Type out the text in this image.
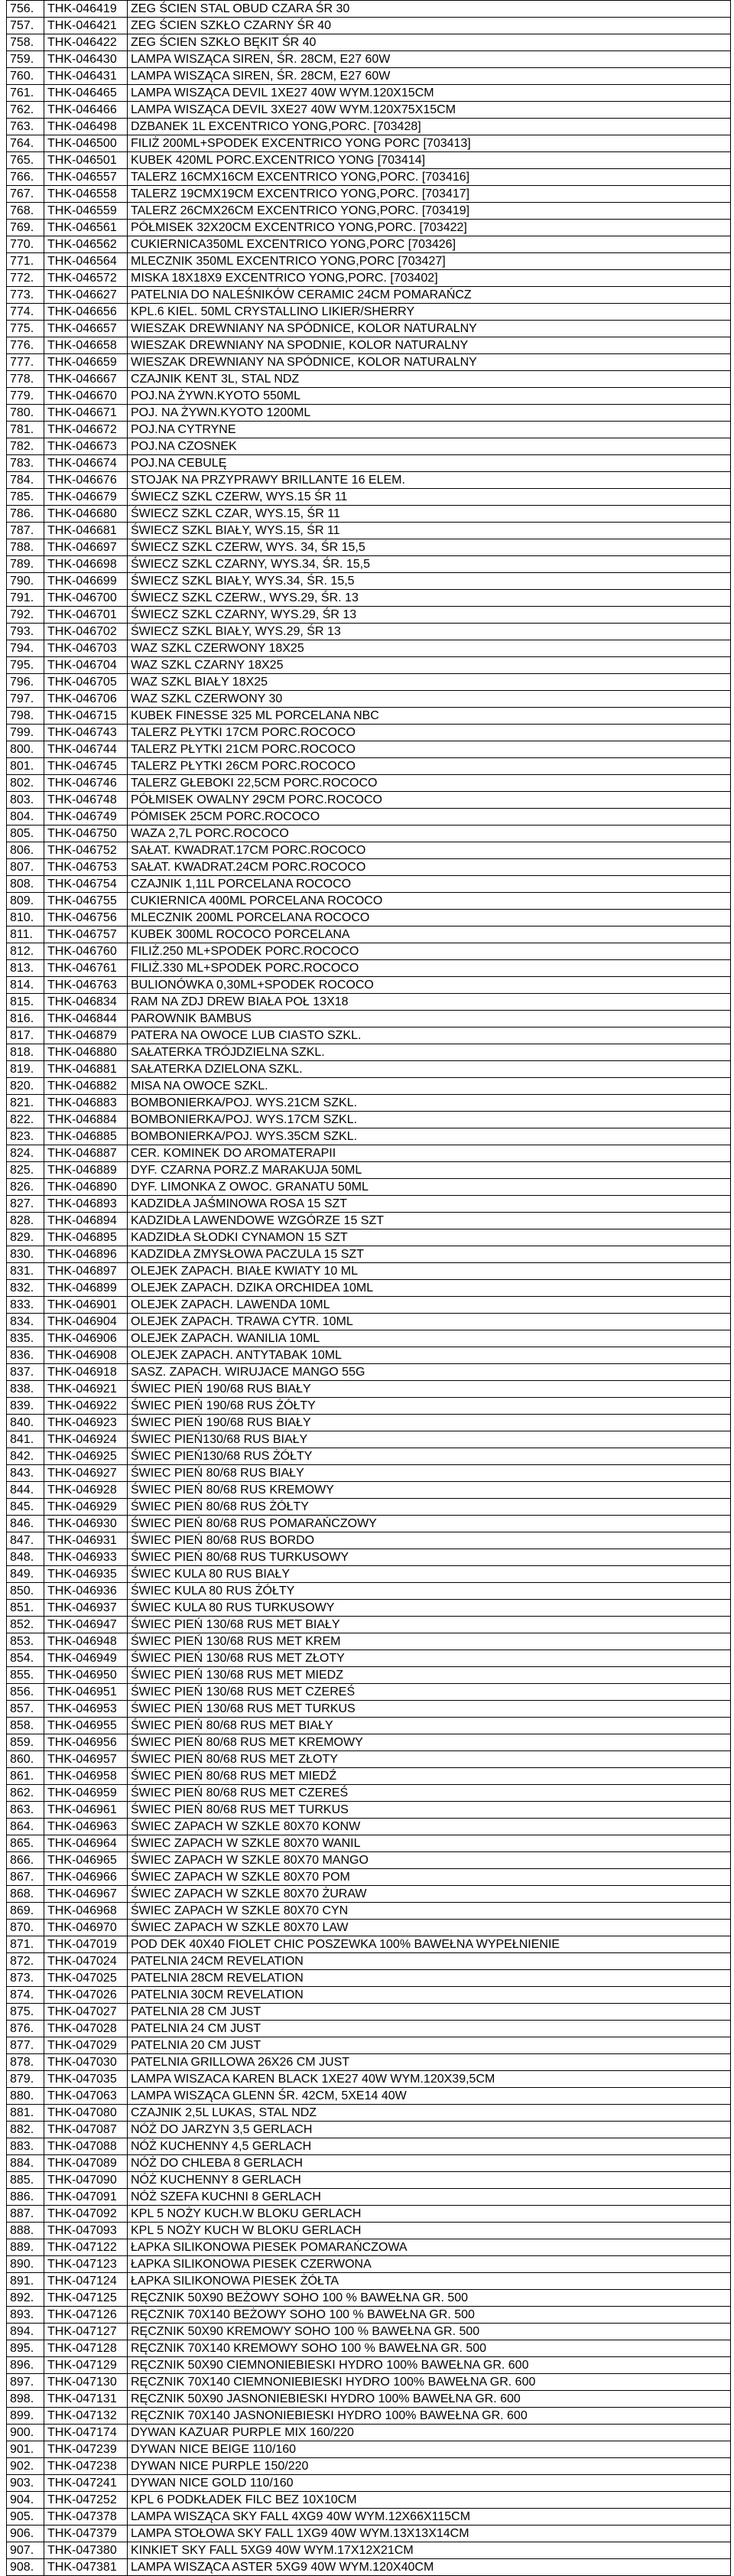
756.	THK-046419	ZEG ŚCIEN STAL OBUD CZARA ŚR 30
757.	THK-046421	ZEG ŚCIEN SZKŁO CZARNY ŚR 40
758.	THK-046422	ZEG ŚCIEN SZKŁO BĘKIT ŚR 40
759.	THK-046430	LAMPA WISZĄCA SIREN, ŚR. 28CM, E27 60W
760.	THK-046431	LAMPA WISZĄCA SIREN, ŚR. 28CM, E27 60W
761.	THK-046465	LAMPA WISZĄCA DEVIL 1XE27 40W WYM.120X15CM
762.	THK-046466	LAMPA WISZĄCA DEVIL 3XE27 40W WYM.120X75X15CM
763.	THK-046498	DZBANEK 1L EXCENTRICO YONG,PORC. [703428]
764.	THK-046500	FILIŻ 200ML+SPODEK EXCENTRICO YONG PORC [703413]
765.	THK-046501	KUBEK 420ML PORC.EXCENTRICO YONG [703414]
766.	THK-046557	TALERZ 16CMX16CM EXCENTRICO YONG,PORC. [703416]
767.	THK-046558	TALERZ 19CMX19CM EXCENTRICO YONG,PORC. [703417]
768.	THK-046559	TALERZ 26CMX26CM EXCENTRICO YONG,PORC. [703419]
769.	THK-046561	PÓŁMISEK 32X20CM EXCENTRICO YONG,PORC. [703422]
770.	THK-046562	CUKIERNICA350ML EXCENTRICO YONG,PORC [703426]
771.	THK-046564	MLECZNIK 350ML EXCENTRICO YONG,PORC [703427]
772.	THK-046572	MISKA 18X18X9 EXCENTRICO YONG,PORC. [703402]
773.	THK-046627	PATELNIA DO NALEŚNIKÓW CERAMIC 24CM POMARAŃCZ
774.	THK-046656	KPL.6 KIEL. 50ML CRYSTALLINO LIKIER/SHERRY
775.	THK-046657	WIESZAK DREWNIANY NA SPÓDNICE, KOLOR NATURALNY
776.	THK-046658	WIESZAK DREWNIANY NA SPODNIE, KOLOR NATURALNY
777.	THK-046659	WIESZAK DREWNIANY NA SPÓDNICE, KOLOR NATURALNY
778.	THK-046667	CZAJNIK KENT 3L, STAL NDZ
779.	THK-046670	POJ.NA ŻYWN.KYOTO 550ML
780.	THK-046671	POJ. NA ŻYWN.KYOTO 1200ML
781.	THK-046672	POJ.NA CYTRYNE
782.	THK-046673	POJ.NA CZOSNEK
783.	THK-046674	POJ.NA CEBULĘ
784.	THK-046676	STOJAK NA PRZYPRAWY BRILLANTE 16 ELEM.
785.	THK-046679	ŚWIECZ SZKL CZERW, WYS.15 ŚR 11
786.	THK-046680	ŚWIECZ SZKL CZAR, WYS.15, ŚR 11
787.	THK-046681	ŚWIECZ SZKL BIAŁY, WYS.15, ŚR 11
788.	THK-046697	ŚWIECZ SZKL CZERW, WYS. 34, ŚR 15,5
789.	THK-046698	ŚWIECZ SZKL CZARNY, WYS.34, ŚR. 15,5
790.	THK-046699	ŚWIECZ SZKL BIAŁY, WYS.34, ŚR. 15,5
791.	THK-046700	ŚWIECZ SZKL CZERW., WYS.29, ŚR. 13
792.	THK-046701	ŚWIECZ SZKL CZARNY, WYS.29, ŚR 13
793.	THK-046702	ŚWIECZ SZKL BIAŁY, WYS.29, ŚR 13
794.	THK-046703	WAZ SZKL CZERWONY 18X25
795.	THK-046704	WAZ SZKL CZARNY 18X25
796.	THK-046705	WAZ SZKL BIAŁY 18X25
797.	THK-046706	WAZ SZKL CZERWONY 30
798.	THK-046715	KUBEK FINESSE 325 ML PORCELANA NBC
799.	THK-046743	TALERZ PŁYTKI 17CM PORC.ROCOCO
800.	THK-046744	TALERZ PŁYTKI 21CM PORC.ROCOCO
801.	THK-046745	TALERZ PŁYTKI 26CM PORC.ROCOCO
802.	THK-046746	TALERZ GŁEBOKI 22,5CM PORC.ROCOCO
803.	THK-046748	PÓŁMISEK OWALNY 29CM PORC.ROCOCO
804.	THK-046749	PÓMISEK 25CM PORC.ROCOCO
805.	THK-046750	WAZA 2,7L PORC.ROCOCO
806.	THK-046752	SAŁAT. KWADRAT.17CM PORC.ROCOCO
807.	THK-046753	SAŁAT. KWADRAT.24CM PORC.ROCOCO
808.	THK-046754	CZAJNIK 1,11L PORCELANA ROCOCO
809.	THK-046755	CUKIERNICA 400ML PORCELANA ROCOCO
810.	THK-046756	MLECZNIK 200ML PORCELANA ROCOCO
811.	THK-046757	KUBEK 300ML ROCOCO PORCELANA
812.	THK-046760	FILIŻ.250 ML+SPODEK PORC.ROCOCO
813.	THK-046761	FILIŻ.330 ML+SPODEK PORC.ROCOCO
814.	THK-046763	BULIONÓWKA 0,30ML+SPODEK ROCOCO
815.	THK-046834	RAM NA ZDJ DREW BIAŁA POŁ 13X18
816.	THK-046844	PAROWNIK BAMBUS
817.	THK-046879	PATERA NA OWOCE LUB CIASTO SZKL.
818.	THK-046880	SAŁATERKA TRÓJDZIELNA SZKL.
819.	THK-046881	SAŁATERKA DZIELONA SZKL.
820.	THK-046882	MISA NA OWOCE SZKL.
821.	THK-046883	BOMBONIERKA/POJ. WYS.21CM SZKL.
822.	THK-046884	BOMBONIERKA/POJ. WYS.17CM SZKL.
823.	THK-046885	BOMBONIERKA/POJ. WYS.35CM SZKL.
824.	THK-046887	CER. KOMINEK DO AROMATERAPII
825.	THK-046889	DYF. CZARNA PORZ.Z MARAKUJA 50ML
826.	THK-046890	DYF. LIMONKA Z OWOC. GRANATU 50ML
827.	THK-046893	KADZIDŁA JAŚMINOWA ROSA 15 SZT
828.	THK-046894	KADZIDŁA LAWENDOWE WZGÓRZE 15 SZT
829.	THK-046895	KADZIDŁA SŁODKI CYNAMON 15 SZT
830.	THK-046896	KADZIDŁA ZMYSŁOWA PACZULA 15 SZT
831.	THK-046897	OLEJEK ZAPACH. BIAŁE KWIATY 10 ML
832.	THK-046899	OLEJEK ZAPACH. DZIKA ORCHIDEA 10ML
833.	THK-046901	OLEJEK ZAPACH. LAWENDA 10ML
834.	THK-046904	OLEJEK ZAPACH. TRAWA CYTR. 10ML
835.	THK-046906	OLEJEK ZAPACH. WANILIA 10ML
836.	THK-046908	OLEJEK ZAPACH. ANTYTABAK 10ML
837.	THK-046918	SASZ. ZAPACH. WIRUJACE MANGO 55G
838.	THK-046921	ŚWIEC PIEŃ 190/68 RUS BIAŁY
839.	THK-046922	ŚWIEC PIEŃ 190/68 RUS ŻÓŁTY
840.	THK-046923	ŚWIEC PIEŃ 190/68 RUS BIAŁY
841.	THK-046924	ŚWIEC PIEŃ130/68 RUS BIAŁY
842.	THK-046925	ŚWIEC PIEŃ130/68 RUS ŻÓŁTY
843.	THK-046927	ŚWIEC PIEŃ 80/68 RUS BIAŁY
844.	THK-046928	ŚWIEC PIEŃ 80/68 RUS KREMOWY
845.	THK-046929	ŚWIEC PIEŃ 80/68 RUS ŻÓŁTY
846.	THK-046930	ŚWIEC PIEŃ 80/68 RUS POMARAŃCZOWY
847.	THK-046931	ŚWIEC PIEŃ 80/68 RUS BORDO
848.	THK-046933	ŚWIEC PIEŃ 80/68 RUS TURKUSOWY
849.	THK-046935	ŚWIEC KULA 80 RUS BIAŁY
850.	THK-046936	ŚWIEC KULA 80 RUS ŻÓŁTY
851.	THK-046937	ŚWIEC KULA 80 RUS TURKUSOWY
852.	THK-046947	ŚWIEC PIEŃ 130/68 RUS MET BIAŁY
853.	THK-046948	ŚWIEC PIEŃ 130/68 RUS MET KREM
854.	THK-046949	ŚWIEC PIEŃ 130/68 RUS MET ZŁOTY
855.	THK-046950	ŚWIEC PIEŃ 130/68 RUS MET MIEDZ
856.	THK-046951	ŚWIEC PIEŃ 130/68 RUS MET CZEREŚ
857.	THK-046953	ŚWIEC PIEŃ 130/68 RUS MET TURKUS
858.	THK-046955	ŚWIEC PIEŃ 80/68 RUS MET BIAŁY
859.	THK-046956	ŚWIEC PIEŃ 80/68 RUS MET KREMOWY
860.	THK-046957	ŚWIEC PIEŃ 80/68 RUS MET ZŁOTY
861.	THK-046958	ŚWIEC PIEŃ 80/68 RUS MET MIEDŹ
862.	THK-046959	ŚWIEC PIEŃ 80/68 RUS MET CZEREŚ
863.	THK-046961	ŚWIEC PIEŃ 80/68 RUS MET TURKUS
864.	THK-046963	ŚWIEC ZAPACH W SZKLE 80X70 KONW
865.	THK-046964	ŚWIEC ZAPACH W SZKLE 80X70 WANIL
866.	THK-046965	ŚWIEC ZAPACH W SZKLE 80X70 MANGO
867.	THK-046966	ŚWIEC ZAPACH W SZKLE 80X70 POM
868.	THK-046967	ŚWIEC ZAPACH W SZKLE 80X70 ŻURAW
869.	THK-046968	ŚWIEC ZAPACH W SZKLE 80X70 CYN
870.	THK-046970	ŚWIEC ZAPACH W SZKLE 80X70 LAW
871.	THK-047019	POD DEK 40X40 FIOLET CHIC POSZEWKA 100% BAWEŁNA WYPEŁNIENIE
872.	THK-047024	PATELNIA 24CM REVELATION
873.	THK-047025	PATELNIA 28CM REVELATION
874.	THK-047026	PATELNIA 30CM REVELATION
875.	THK-047027	PATELNIA 28 CM JUST
876.	THK-047028	PATELNIA 24 CM JUST
877.	THK-047029	PATELNIA 20 CM JUST
878.	THK-047030	PATELNIA GRILLOWA 26X26 CM JUST
879.	THK-047035	LAMPA WISZACA KAREN BLACK 1XE27 40W WYM.120X39,5CM
880.	THK-047063	LAMPA WISZĄCA GLENN ŚR. 42CM, 5XE14 40W
881.	THK-047080	CZAJNIK 2,5L LUKAS, STAL NDZ
882.	THK-047087	NÓŻ DO JARZYN 3,5 GERLACH
883.	THK-047088	NÓŻ KUCHENNY 4,5 GERLACH
884.	THK-047089	NÓŻ DO CHLEBA 8 GERLACH
885.	THK-047090	NÓŻ KUCHENNY 8 GERLACH
886.	THK-047091	NÓŻ SZEFA KUCHNI 8 GERLACH
887.	THK-047092	KPL 5 NOŻY KUCH.W BLOKU GERLACH
888.	THK-047093	KPL 5 NOŻY KUCH W BLOKU GERLACH
889.	THK-047122	ŁAPKA SILIKONOWA PIESEK POMARAŃCZOWA
890.	THK-047123	ŁAPKA SILIKONOWA PIESEK CZERWONA
891.	THK-047124	ŁAPKA SILIKONOWA PIESEK ŻÓŁTA
892.	THK-047125	RĘCZNIK 50X90 BEŻOWY SOHO 100 % BAWEŁNA GR. 500
893.	THK-047126	RĘCZNIK 70X140 BEŻOWY SOHO 100 % BAWEŁNA GR. 500
894.	THK-047127	RĘCZNIK 50X90 KREMOWY SOHO 100 % BAWEŁNA GR. 500
895.	THK-047128	RĘCZNIK 70X140 KREMOWY SOHO 100 % BAWEŁNA GR. 500
896.	THK-047129	RĘCZNIK 50X90 CIEMNONIEBIESKI HYDRO 100% BAWEŁNA GR. 600
897.	THK-047130	RĘCZNIK 70X140 CIEMNONIEBIESKI HYDRO 100% BAWEŁNA GR. 600
898.	THK-047131	RĘCZNIK 50X90 JASNONIEBIESKI HYDRO 100% BAWEŁNA GR. 600
899.	THK-047132	RĘCZNIK 70X140 JASNONIEBIESKI HYDRO 100% BAWEŁNA GR. 600
900.	THK-047174	DYWAN KAZUAR PURPLE MIX 160/220
901.	THK-047239	DYWAN NICE BEIGE 110/160
902.	THK-047238	DYWAN NICE PURPLE 150/220
903.	THK-047241	DYWAN NICE GOLD 110/160
904.	THK-047252	KPL 6 PODKŁADEK FILC BEZ 10X10CM
905.	THK-047378	LAMPA WISZĄCA SKY FALL 4XG9 40W WYM.12X66X115CM
906.	THK-047379	LAMPA STOŁOWA SKY FALL 1XG9 40W WYM.13X13X14CM
907.	THK-047380	KINKIET SKY FALL 5XG9 40W WYM.17X12X21CM
908.	THK-047381	LAMPA WISZĄCA ASTER 5XG9 40W WYM.120X40CM
